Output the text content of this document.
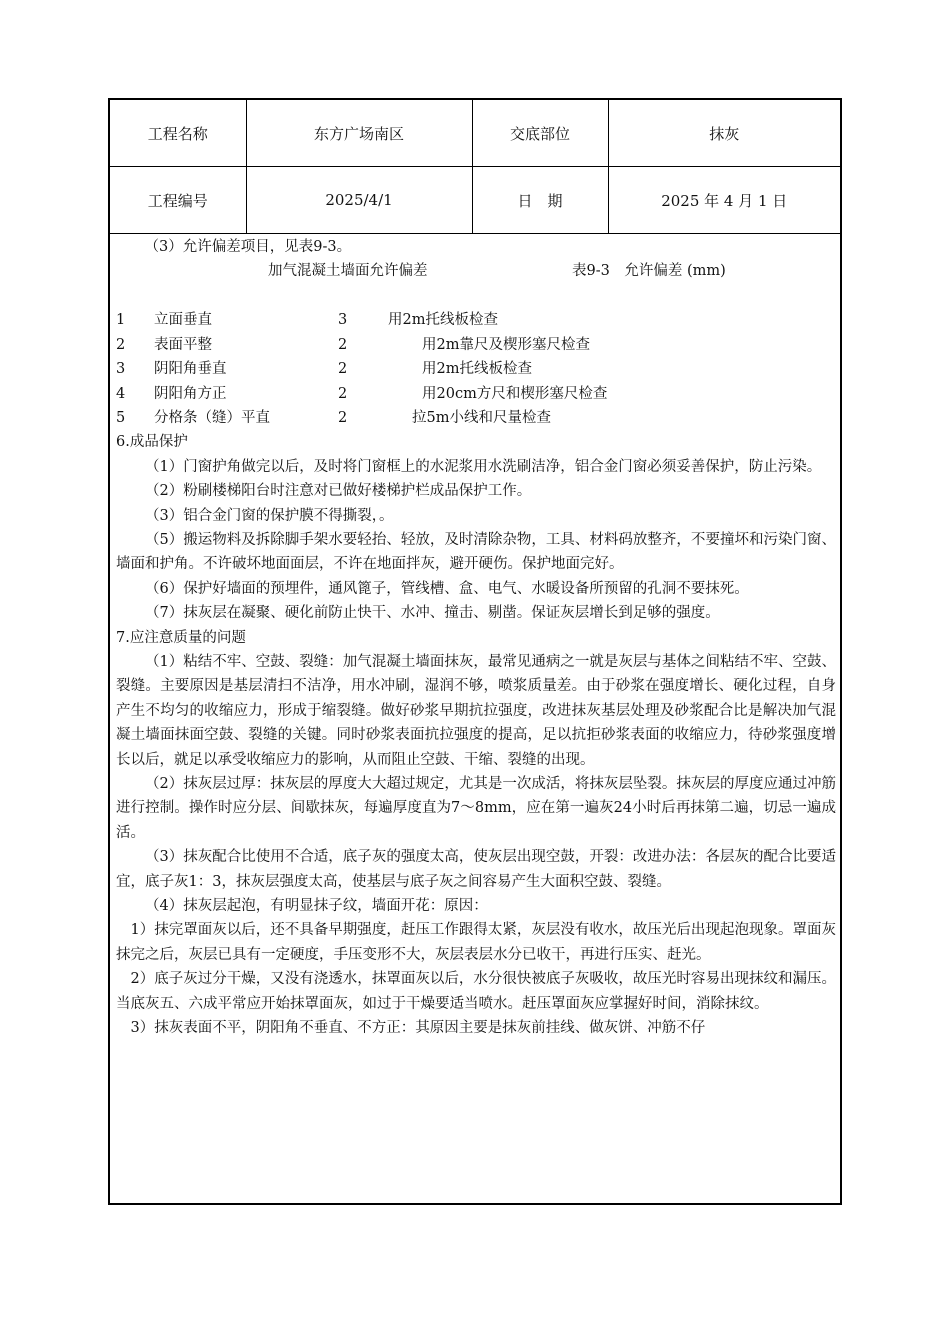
工程名称	东方广场南区	交底部位	抹灰
工程编号	2025/4/1	日　期	2025 年 4 月 1 日

（3）允许偏差项目，见表9-3。

加气混凝土墙面允许偏差	表9-3　允许偏差 (mm)
1 立面垂直	3	用2m托线板检查
2 表面平整	2	用2m靠尺及楔形塞尺检查
3 阴阳角垂直	2	用2m托线板检查
4 阴阳角方正	2	用20cm方尺和楔形塞尺检查
5 分格条（缝）平直	2	拉5m小线和尺量检查

6.成品保护

（1）门窗护角做完以后，及时将门窗框上的水泥浆用水洗刷洁净，铝合金门窗必须妥善保护，防止污染。

（2）粉刷楼梯阳台时注意对已做好楼梯护栏成品保护工作。

（3）铝合金门窗的保护膜不得撕裂，。

（5）搬运物料及拆除脚手架水要轻抬、轻放，及时清除杂物，工具、材料码放整齐，不要撞坏和污染门窗、墙面和护角。不许破坏地面面层，不许在地面拌灰，避开硬伤。保护地面完好。

（6）保护好墙面的预埋件，通风篦子，管线槽、盒、电气、水暖设备所预留的孔洞不要抹死。

（7）抹灰层在凝聚、硬化前防止快干、水冲、撞击、剔凿。保证灰层增长到足够的强度。

7.应注意质量的问题

（1）粘结不牢、空鼓、裂缝：加气混凝土墙面抹灰，最常见通病之一就是灰层与基体之间粘结不牢、空鼓、裂缝。主要原因是基层清扫不洁净，用水冲刷，湿润不够，喷浆质量差。由于砂浆在强度增长、硬化过程，自身产生不均匀的收缩应力，形成于缩裂缝。做好砂浆早期抗拉强度，改进抹灰基层处理及砂浆配合比是解决加气混凝土墙面抹面空鼓、裂缝的关键。同时砂浆表面抗拉强度的提高，足以抗拒砂浆表面的收缩应力，待砂浆强度增长以后，就足以承受收缩应力的影响，从而阻止空鼓、干缩、裂缝的出现。

（2）抹灰层过厚：抹灰层的厚度大大超过规定，尤其是一次成活，将抹灰层坠裂。抹灰层的厚度应通过冲筋进行控制。操作时应分层、间歇抹灰，每遍厚度直为7～8mm，应在第一遍灰24小时后再抹第二遍，切忌一遍成活。

（3）抹灰配合比使用不合适，底子灰的强度太高，使灰层出现空鼓，开裂：改进办法：各层灰的配合比要适宜，底子灰1：3，抹灰层强度太高，使基层与底子灰之间容易产生大面积空鼓、裂缝。

（4）抹灰层起泡，有明显抹子纹，墙面开花：原因：

1）抹完罩面灰以后，还不具备早期强度，赶压工作跟得太紧，灰层没有收水，故压光后出现起泡现象。罩面灰抹完之后，灰层已具有一定硬度，手压变形不大，灰层表层水分已收干，再进行压实、赶光。

2）底子灰过分干燥，又没有浇透水，抹罩面灰以后，水分很快被底子灰吸收，故压光时容易出现抹纹和漏压。当底灰五、六成平常应开始抹罩面灰，如过于干燥要适当喷水。赶压罩面灰应掌握好时间，消除抹纹。

3）抹灰表面不平，阴阳角不垂直、不方正：其原因主要是抹灰前挂线、做灰饼、冲筋不仔
